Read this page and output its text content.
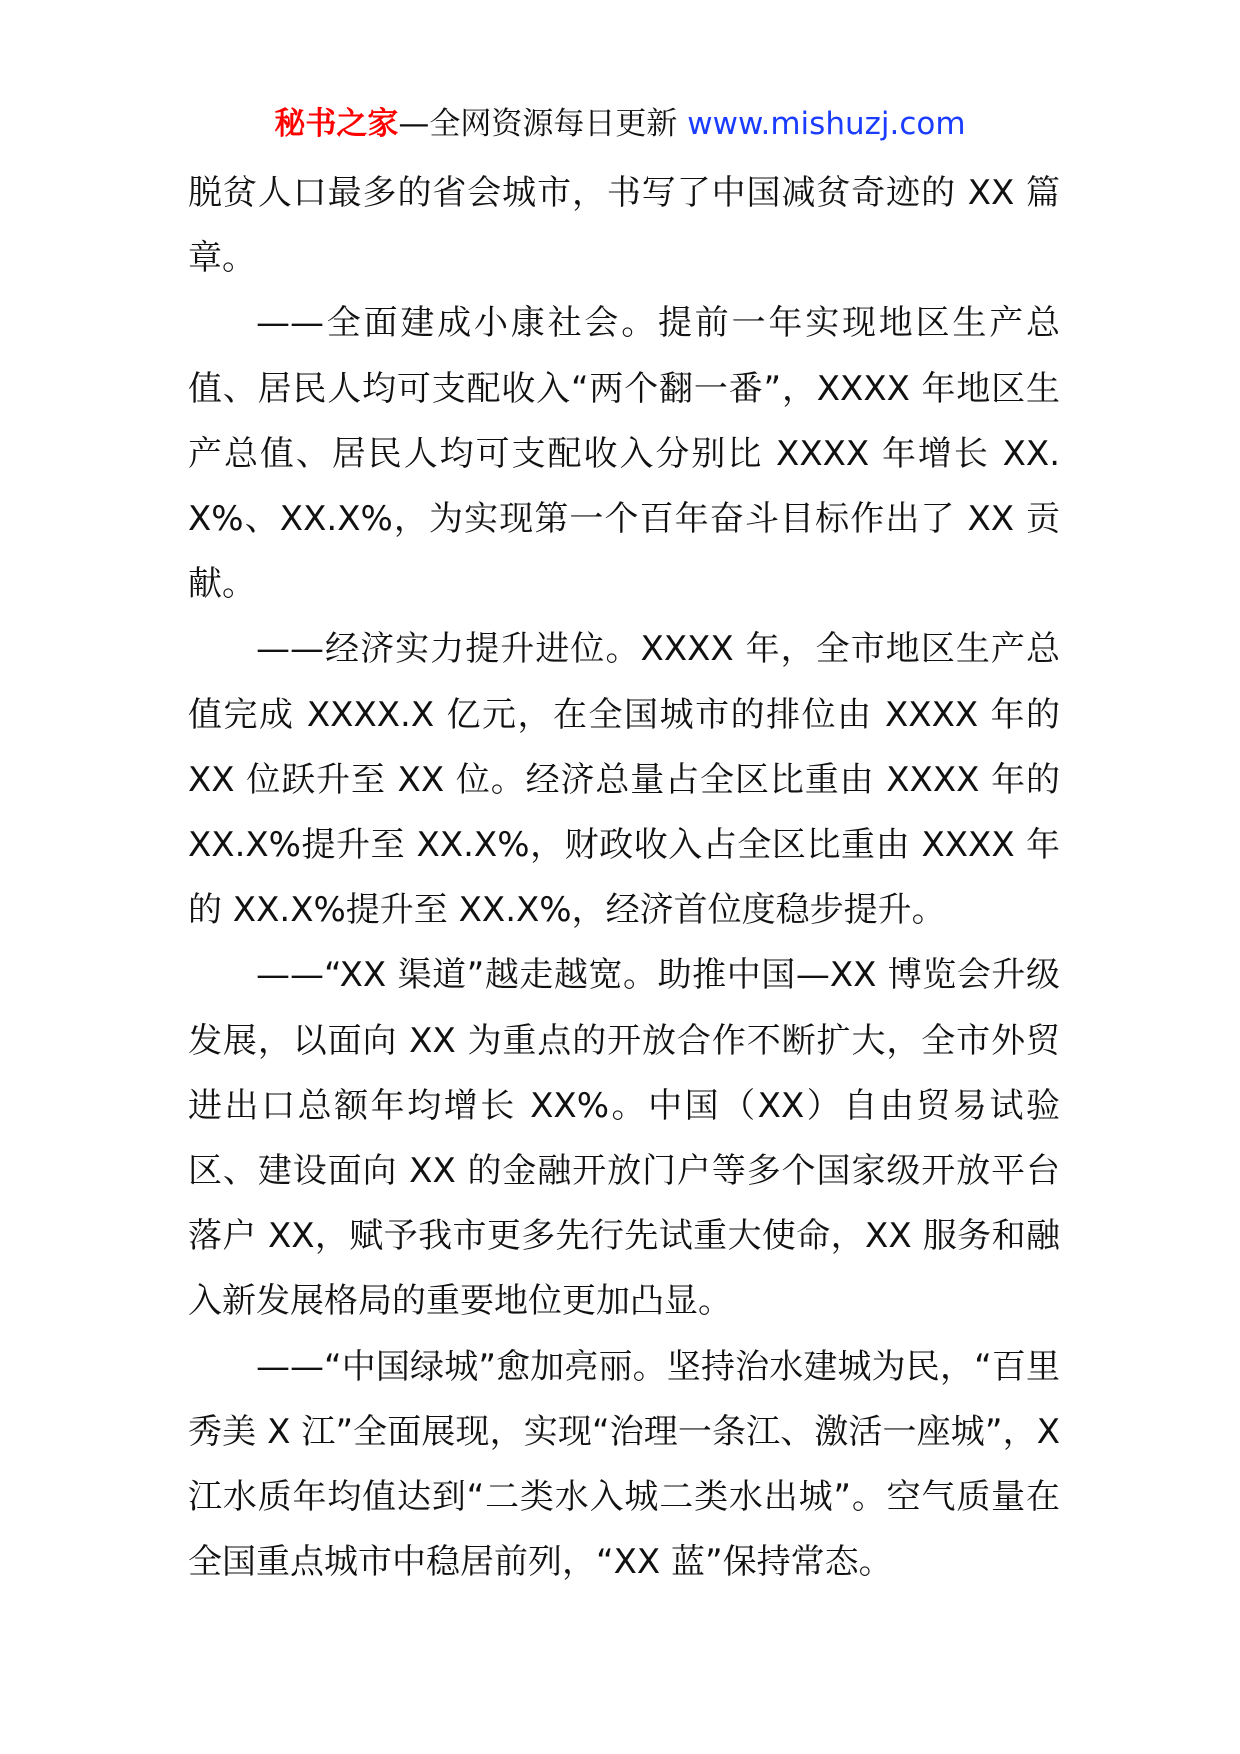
秘书之家—全网资源每日更新 www.mishuzj.com

脱贫人口最多的省会城市，书写了中国减贫奇迹的 XX 篇章。

——全面建成小康社会。提前一年实现地区生产总值、居民人均可支配收入“两个翻一番”，XXXX 年地区生产总值、居民人均可支配收入分别比 XXXX 年增长 XX.X%、XX.X%，为实现第一个百年奋斗目标作出了 XX 贡献。

——经济实力提升进位。XXXX 年，全市地区生产总值完成 XXXX.X 亿元，在全国城市的排位由 XXXX 年的 XX 位跃升至 XX 位。经济总量占全区比重由 XXXX 年的 XX.X%提升至 XX.X%，财政收入占全区比重由 XXXX 年的 XX.X%提升至 XX.X%，经济首位度稳步提升。

——“XX 渠道”越走越宽。助推中国—XX 博览会升级发展，以面向 XX 为重点的开放合作不断扩大，全市外贸进出口总额年均增长 XX%。中国（XX）自由贸易试验区、建设面向 XX 的金融开放门户等多个国家级开放平台落户 XX，赋予我市更多先行先试重大使命，XX 服务和融入新发展格局的重要地位更加凸显。

——“中国绿城”愈加亮丽。坚持治水建城为民，“百里秀美 X 江”全面展现，实现“治理一条江、激活一座城”，X 江水质年均值达到“二类水入城二类水出城”。空气质量在全国重点城市中稳居前列，“XX 蓝”保持常态。
